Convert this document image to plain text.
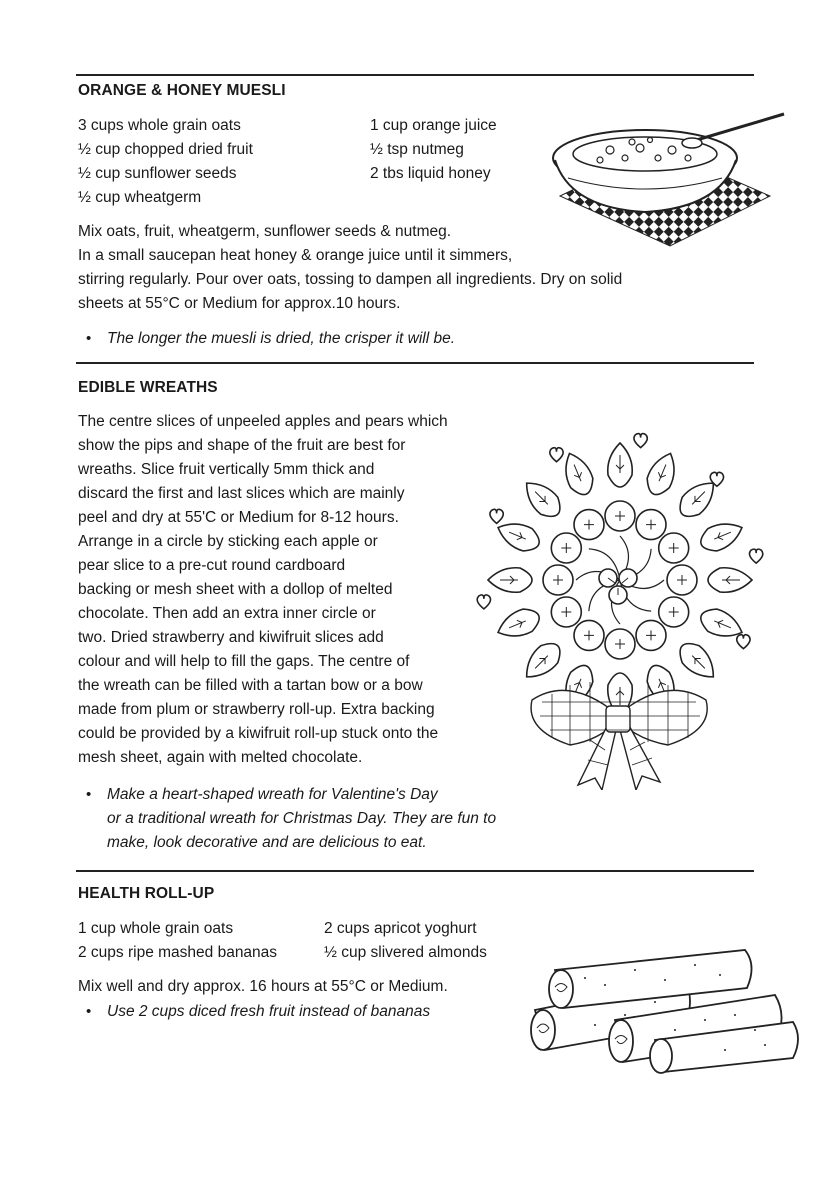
ORANGE & HONEY MUESLI
3 cups whole grain oats
½ cup chopped dried fruit
½ cup sunflower seeds
½ cup wheatgerm
1 cup orange juice
½ tsp nutmeg
2 tbs liquid honey
Mix oats, fruit, wheatgerm, sunflower seeds & nutmeg.
In a small saucepan heat honey & orange juice until it simmers,
stirring regularly. Pour over oats, tossing to dampen all ingredients. Dry on solid
sheets at 55°C or Medium for approx.10 hours.
• The longer the muesli is dried, the crisper it will be.
EDIBLE WREATHS
The centre slices of unpeeled apples and pears which
show the pips and shape of the fruit are best for
wreaths. Slice fruit vertically 5mm thick and
discard the first and last slices which are mainly
peel and dry at 55'C or Medium for 8-12 hours.
Arrange in a circle by sticking each apple or
pear slice to a pre-cut round cardboard
backing or mesh sheet with a dollop of melted
chocolate. Then add an extra inner circle or
two. Dried strawberry and kiwifruit slices add
colour and will help to fill the gaps. The centre of
the wreath can be filled with a tartan bow or a bow
made from plum or strawberry roll-up. Extra backing
could be provided by a kiwifruit roll-up stuck onto the
mesh sheet, again with melted chocolate.
• Make a heart-shaped wreath for Valentine's Day
or a traditional wreath for Christmas Day. They are fun to
make, look decorative and are delicious to eat.
HEALTH ROLL-UP
1 cup whole grain oats
2 cups ripe mashed bananas
2 cups apricot yoghurt
½ cup slivered almonds
Mix well and dry approx. 16 hours at 55°C or Medium.
• Use 2 cups diced fresh fruit instead of bananas
